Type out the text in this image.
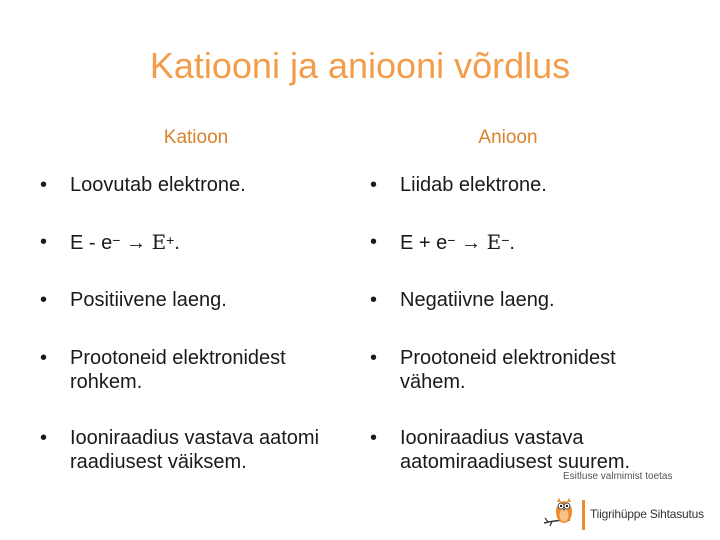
Katiooni ja aniooni võrdlus
Katioon	Anioon
• Loovutab elektrone.
• E - e− → E+.
• Positiivene laeng.
• Prootoneid elektronidest rohkem.
• Iooniraadius vastava aatomi raadiusest väiksem.
• Liidab elektrone.
• E + e− → E−.
• Negatiivne laeng.
• Prootoneid elektronidest vähem.
• Iooniraadius vastava aatomiraadiusest suurem.
Esitluse valmimist toetas
Tiigrihüppe Sihtasutus
